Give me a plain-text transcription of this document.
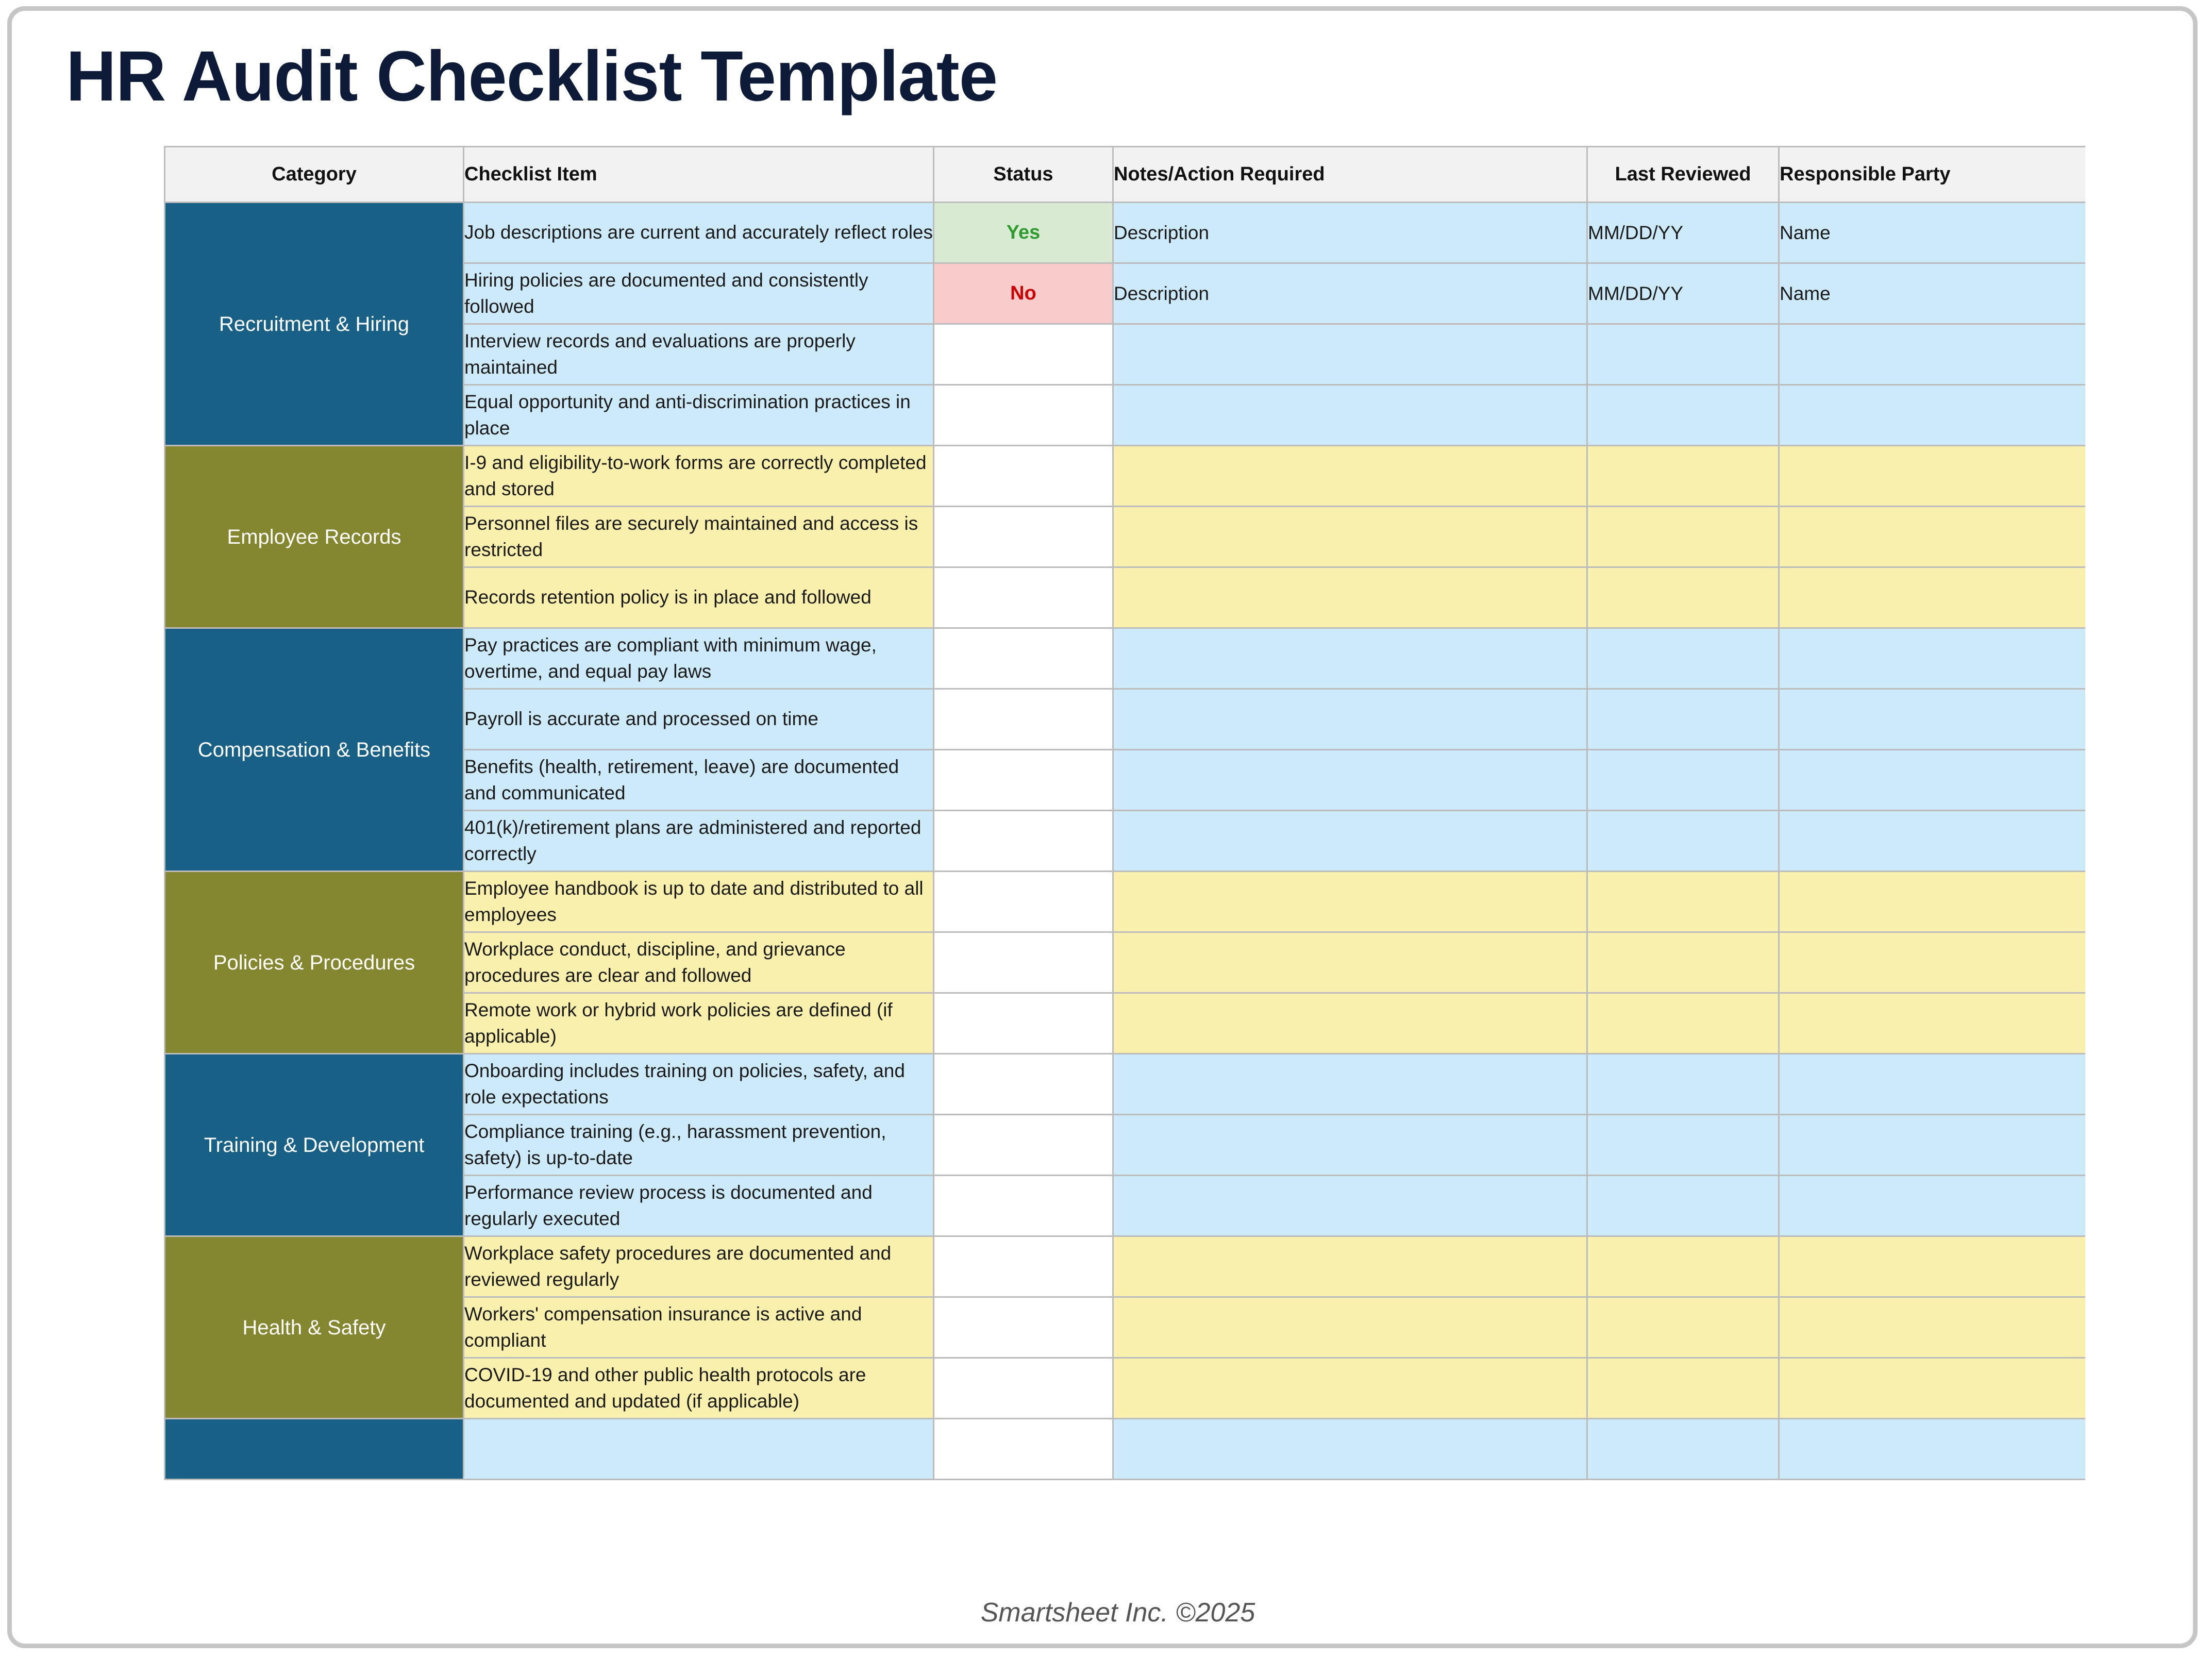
HR Audit Checklist Template
Category	Checklist Item	Status	Notes/Action Required	Last Reviewed	Responsible Party
Recruitment & Hiring	Job descriptions are current and accurately reflect roles	Yes	Description	MM/DD/YY	Name
	Hiring policies are documented and consistently followed	No	Description	MM/DD/YY	Name
	Interview records and evaluations are properly maintained				
	Equal opportunity and anti-discrimination practices in place				
Employee Records	I-9 and eligibility-to-work forms are correctly completed and stored				
	Personnel files are securely maintained and access is restricted				
	Records retention policy is in place and followed				
Compensation & Benefits	Pay practices are compliant with minimum wage, overtime, and equal pay laws				
	Payroll is accurate and processed on time				
	Benefits (health, retirement, leave) are documented and communicated				
	401(k)/retirement plans are administered and reported correctly				
Policies & Procedures	Employee handbook is up to date and distributed to all employees				
	Workplace conduct, discipline, and grievance procedures are clear and followed				
	Remote work or hybrid work policies are defined (if applicable)				
Training & Development	Onboarding includes training on policies, safety, and role expectations				
	Compliance training (e.g., harassment prevention, safety) is up-to-date				
	Performance review process is documented and regularly executed				
Health & Safety	Workplace safety procedures are documented and reviewed regularly				
	Workers' compensation insurance is active and compliant				
	COVID-19 and other public health protocols are documented and updated (if applicable)				

Smartsheet Inc. ©2025
